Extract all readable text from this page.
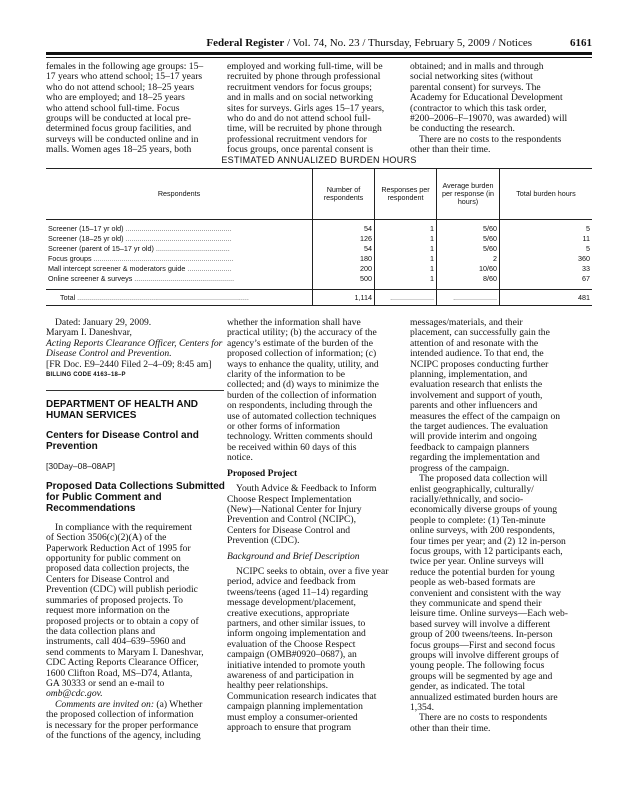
Federal Register / Vol. 74, No. 23 / Thursday, February 5, 2009 / Notices	6161
females in the following age groups: 15–
17 years who attend school; 15–17 years
who do not attend school; 18–25 years
who are employed; and 18–25 years
who attend school full-time. Focus
groups will be conducted at local pre-
determined focus group facilities, and
surveys will be conducted online and in
malls. Women ages 18–25 years, both
employed and working full-time, will be
recruited by phone through professional
recruitment vendors for focus groups;
and in malls and on social networking
sites for surveys. Girls ages 15–17 years,
who do and do not attend school full-
time, will be recruited by phone through
professional recruitment vendors for
focus groups, once parental consent is
obtained; and in malls and through
social networking sites (without
parental consent) for surveys. The
Academy for Educational Development
(contractor to which this task order,
#200–2006–F–19070, was awarded) will
be conducting the research.
There are no costs to the respondents
other than their time.
ESTIMATED ANNUALIZED BURDEN HOURS
Respondents	Number of respondents	Responses per respondent	Average burden per response (in hours)	Total burden hours
Screener (15–17 yr old) .....................................................	54	1	5/60	5
Screener (18–25 yr old) .....................................................	126	1	5/60	11
Screener (parent of 15–17 yr old) .....................................	54	1	5/60	5
Focus groups ......................................................................	180	1	2	360
Mall intercept screener & moderators guide ......................	200	1	10/60	33
Online screener & surveys ..................................................	500	1	8/60	67
Total ......................................................................................	1,114	......................	......................	481
Dated: January 29, 2009.
Maryam I. Daneshvar,
Acting Reports Clearance Officer, Centers for
Disease Control and Prevention.
[FR Doc. E9–2440 Filed 2–4–09; 8:45 am]
BILLING CODE 4163–18–P
DEPARTMENT OF HEALTH AND
HUMAN SERVICES
Centers for Disease Control and
Prevention
[30Day–08–08AP]
Proposed Data Collections Submitted
for Public Comment and
Recommendations
In compliance with the requirement
of Section 3506(c)(2)(A) of the
Paperwork Reduction Act of 1995 for
opportunity for public comment on
proposed data collection projects, the
Centers for Disease Control and
Prevention (CDC) will publish periodic
summaries of proposed projects. To
request more information on the
proposed projects or to obtain a copy of
the data collection plans and
instruments, call 404–639–5960 and
send comments to Maryam I. Daneshvar,
CDC Acting Reports Clearance Officer,
1600 Clifton Road, MS–D74, Atlanta,
GA 30333 or send an e-mail to
omb@cdc.gov.
Comments are invited on: (a) Whether
the proposed collection of information
is necessary for the proper performance
of the functions of the agency, including
whether the information shall have
practical utility; (b) the accuracy of the
agency’s estimate of the burden of the
proposed collection of information; (c)
ways to enhance the quality, utility, and
clarity of the information to be
collected; and (d) ways to minimize the
burden of the collection of information
on respondents, including through the
use of automated collection techniques
or other forms of information
technology. Written comments should
be received within 60 days of this
notice.
Proposed Project
Youth Advice & Feedback to Inform
Choose Respect Implementation
(New)—National Center for Injury
Prevention and Control (NCIPC),
Centers for Disease Control and
Prevention (CDC).
Background and Brief Description
NCIPC seeks to obtain, over a five year
period, advice and feedback from
tweens/teens (aged 11–14) regarding
message development/placement,
creative executions, appropriate
partners, and other similar issues, to
inform ongoing implementation and
evaluation of the Choose Respect
campaign (OMB#0920–0687), an
initiative intended to promote youth
awareness of and participation in
healthy peer relationships.
Communication research indicates that
campaign planning implementation
must employ a consumer-oriented
approach to ensure that program
messages/materials, and their
placement, can successfully gain the
attention of and resonate with the
intended audience. To that end, the
NCIPC proposes conducting further
planning, implementation, and
evaluation research that enlists the
involvement and support of youth,
parents and other influencers and
measures the effect of the campaign on
the target audiences. The evaluation
will provide interim and ongoing
feedback to campaign planners
regarding the implementation and
progress of the campaign.
The proposed data collection will
enlist geographically, culturally/
racially/ethnically, and socio-
economically diverse groups of young
people to complete: (1) Ten-minute
online surveys, with 200 respondents,
four times per year; and (2) 12 in-person
focus groups, with 12 participants each,
twice per year. Online surveys will
reduce the potential burden for young
people as web-based formats are
convenient and consistent with the way
they communicate and spend their
leisure time. Online surveys—Each web-
based survey will involve a different
group of 200 tweens/teens. In-person
focus groups—First and second focus
groups will involve different groups of
young people. The following focus
groups will be segmented by age and
gender, as indicated. The total
annualized estimated burden hours are
1,354.
There are no costs to respondents
other than their time.
